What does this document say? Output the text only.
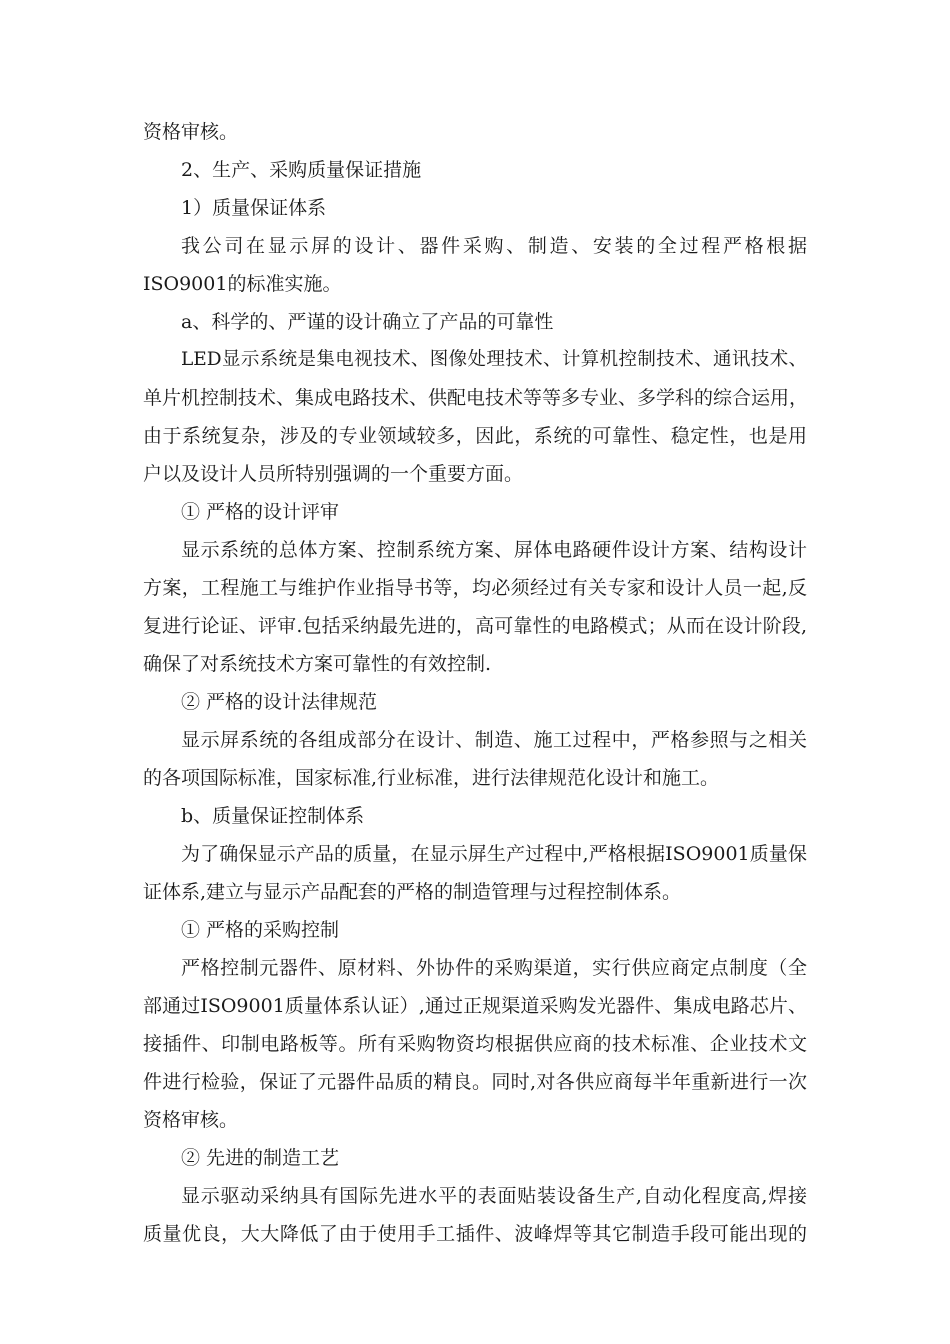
资格审核。
2、生产、采购质量保证措施
1）质量保证体系
我公司在显示屏的设计、器件采购、制造、安装的全过程严格根据
ISO9001的标准实施。
a、科学的、严谨的设计确立了产品的可靠性
LED显示系统是集电视技术、图像处理技术、计算机控制技术、通讯技术、
单片机控制技术、集成电路技术、供配电技术等等多专业、多学科的综合运用，
由于系统复杂，涉及的专业领域较多，因此，系统的可靠性、稳定性，也是用
户以及设计人员所特别强调的一个重要方面。
① 严格的设计评审
显示系统的总体方案、控制系统方案、屏体电路硬件设计方案、结构设计
方案，工程施工与维护作业指导书等，均必须经过有关专家和设计人员一起,反
复进行论证、评审.包括采纳最先进的，高可靠性的电路模式；从而在设计阶段,
确保了对系统技术方案可靠性的有效控制.
② 严格的设计法律规范
显示屏系统的各组成部分在设计、制造、施工过程中，严格参照与之相关
的各项国际标准，国家标准,行业标准，进行法律规范化设计和施工。
b、质量保证控制体系
为了确保显示产品的质量，在显示屏生产过程中,严格根据ISO9001质量保
证体系,建立与显示产品配套的严格的制造管理与过程控制体系。
① 严格的采购控制
严格控制元器件、原材料、外协件的采购渠道，实行供应商定点制度（全
部通过ISO9001质量体系认证）,通过正规渠道采购发光器件、集成电路芯片、
接插件、印制电路板等。所有采购物资均根据供应商的技术标准、企业技术文
件进行检验，保证了元器件品质的精良。同时,对各供应商每半年重新进行一次
资格审核。
② 先进的制造工艺
显示驱动采纳具有国际先进水平的表面贴装设备生产,自动化程度高,焊接
质量优良，大大降低了由于使用手工插件、波峰焊等其它制造手段可能出现的
